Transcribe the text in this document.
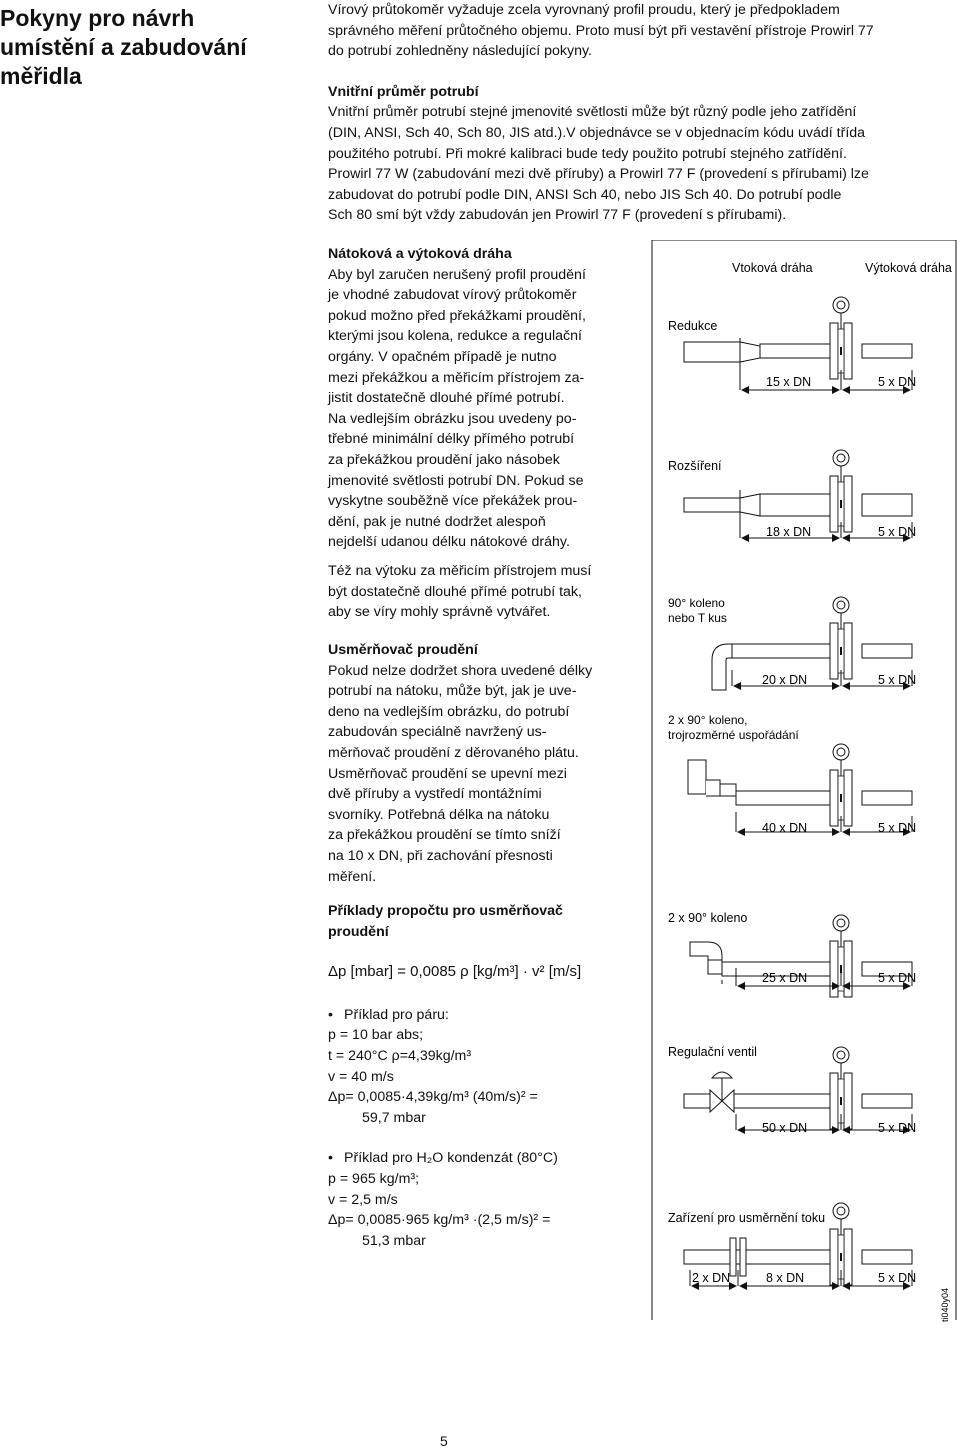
Pokyny pro návrh
umístění a zabudování
měřidla
Vírový průtokoměr vyžaduje zcela vyrovnaný profil proudu, který je předpokladem
správného měření průtočného objemu. Proto musí být při vestavění přístroje Prowirl 77
do potrubí zohledněny následující pokyny.
Vnitřní průměr potrubí
Vnitřní průměr potrubí stejné jmenovité světlosti může být různý podle jeho zatřídění
(DIN, ANSI, Sch 40, Sch 80, JIS atd.).V objednávce se v objednacím kódu uvádí třída
použitého potrubí. Při mokré kalibraci bude tedy použito potrubí stejného zatřídění.
Prowirl 77 W (zabudování mezi dvě příruby) a Prowirl 77 F (provedení s přírubami) lze
zabudovat do potrubí podle DIN, ANSI Sch 40, nebo JIS Sch 40. Do potrubí podle
Sch 80 smí být vždy zabudován jen Prowirl 77 F (provedení s přírubami).
Nátoková a výtoková dráha
Aby byl zaručen nerušený profil proudění
je vhodné zabudovat vírový průtokoměr
pokud možno před překážkami proudění,
kterými jsou kolena, redukce a regulační
orgány. V opačném případě je nutno
mezi překážkou a měřicím přístrojem za-
jistit dostatečně dlouhé přímé potrubí.
Na vedlejším obrázku jsou uvedeny po-
třebné minimální délky přímého potrubí
za překážkou proudění jako násobek
jmenovité světlosti potrubí DN. Pokud se
vyskytne souběžně více překážek prou-
dění, pak je nutné dodržet alespoň
nejdelší udanou délku nátokové dráhy.
Též na výtoku za měřicím přístrojem musí
být dostatečně dlouhé přímé potrubí tak,
aby se víry mohly správně vytvářet.
Usměrňovač proudění
Pokud nelze dodržet shora uvedené délky
potrubí na nátoku, může být, jak je uve-
deno na vedlejším obrázku, do potrubí
zabudován speciálně navržený us-
měrňovač proudění z děrovaného plátu.
Usměrňovač proudění se upevní mezi
dvě příruby a vystředí montážními
svorníky. Potřebná délka na nátoku
za překážkou proudění se tímto sníží
na 10 x DN, při zachování přesnosti
měření.
Příklady propočtu pro usměrňovač
proudění
Δp [mbar] = 0,0085 ρ [kg/m³] · v² [m/s]
• Příklad pro páru:
p = 10 bar abs;
t = 240°C ρ=4,39kg/m³
v = 40 m/s
Δp= 0,0085·4,39kg/m³ (40m/s)² =
59,7 mbar
• Příklad pro H₂O kondenzát (80°C)
p = 965 kg/m³;
v = 2,5 m/s
Δp= 0,0085·965 kg/m³ ·(2,5 m/s)² =
51,3 mbar
Vtoková dráha	Výtoková dráha
Redukce
15 x DN	5 x DN
Rozšíření
18 x DN	5 x DN
90° koleno
nebo T kus
20 x DN	5 x DN
2 x 90° koleno,
trojrozměrné uspořádání
40 x DN	5 x DN
2 x 90° koleno
25 x DN	5 x DN
Regulační ventil
50 x DN	5 x DN
Zařízení pro usměrnění toku
2 x DN	8 x DN	5 x DN
ti040y04
5
